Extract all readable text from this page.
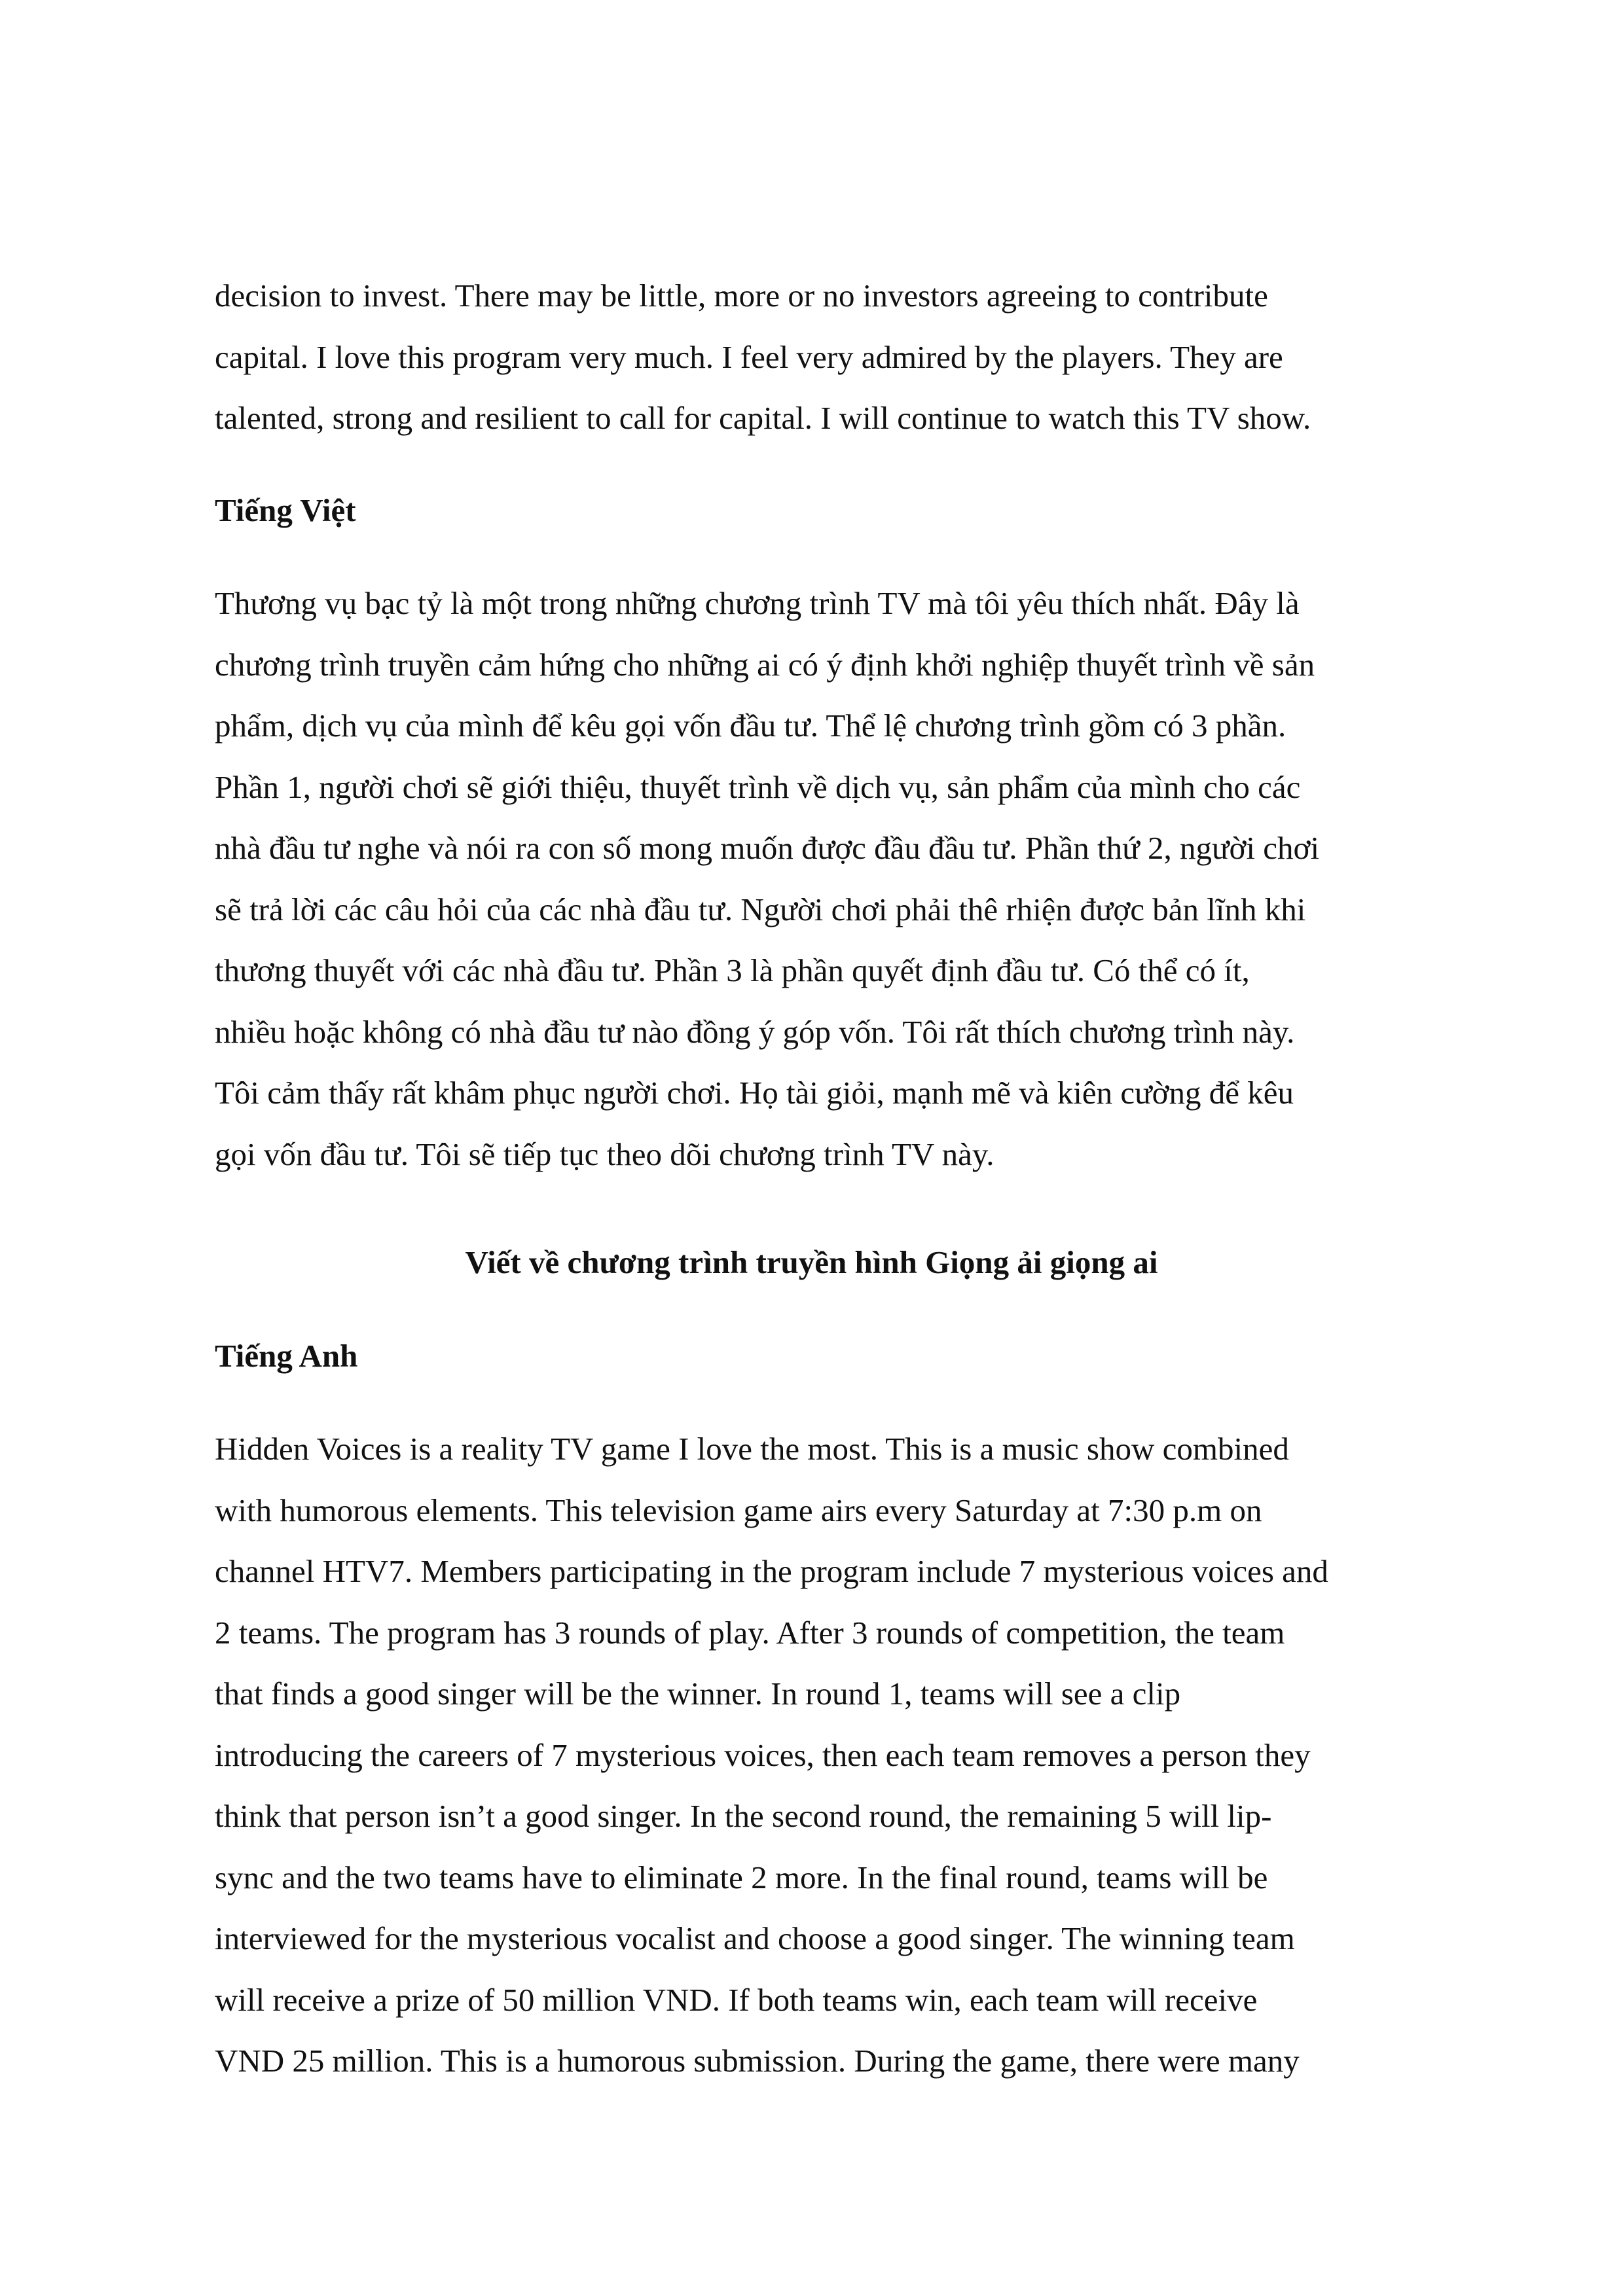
decision to invest. There may be little, more or no investors agreeing to contribute
capital. I love this program very much. I feel very admired by the players. They are
talented, strong and resilient to call for capital. I will continue to watch this TV show.
Tiếng Việt
Thương vụ bạc tỷ là một trong những chương trình TV mà tôi yêu thích nhất. Đây là
chương trình truyền cảm hứng cho những ai có ý định khởi nghiệp thuyết trình về sản
phẩm, dịch vụ của mình để kêu gọi vốn đầu tư. Thể lệ chương trình gồm có 3 phần.
Phần 1, người chơi sẽ giới thiệu, thuyết trình về dịch vụ, sản phẩm của mình cho các
nhà đầu tư nghe và nói ra con số mong muốn được đầu đầu tư. Phần thứ 2, người chơi
sẽ trả lời các câu hỏi của các nhà đầu tư. Người chơi phải thê rhiện được bản lĩnh khi
thương thuyết với các nhà đầu tư. Phần 3 là phần quyết định đầu tư. Có thể có ít,
nhiều hoặc không có nhà đầu tư nào đồng ý góp vốn. Tôi rất thích chương trình này.
Tôi cảm thấy rất khâm phục người chơi. Họ tài giỏi, mạnh mẽ và kiên cường để kêu
gọi vốn đầu tư. Tôi sẽ tiếp tục theo dõi chương trình TV này.
Viết về chương trình truyền hình Giọng ải giọng ai
Tiếng Anh
Hidden Voices is a reality TV game I love the most. This is a music show combined
with humorous elements. This television game airs every Saturday at 7:30 p.m on
channel HTV7. Members participating in the program include 7 mysterious voices and
2 teams. The program has 3 rounds of play. After 3 rounds of competition, the team
that finds a good singer will be the winner. In round 1, teams will see a clip
introducing the careers of 7 mysterious voices, then each team removes a person they
think that person isn’t a good singer. In the second round, the remaining 5 will lip-
sync and the two teams have to eliminate 2 more. In the final round, teams will be
interviewed for the mysterious vocalist and choose a good singer. The winning team
will receive a prize of 50 million VND. If both teams win, each team will receive
VND 25 million. This is a humorous submission. During the game, there were many
